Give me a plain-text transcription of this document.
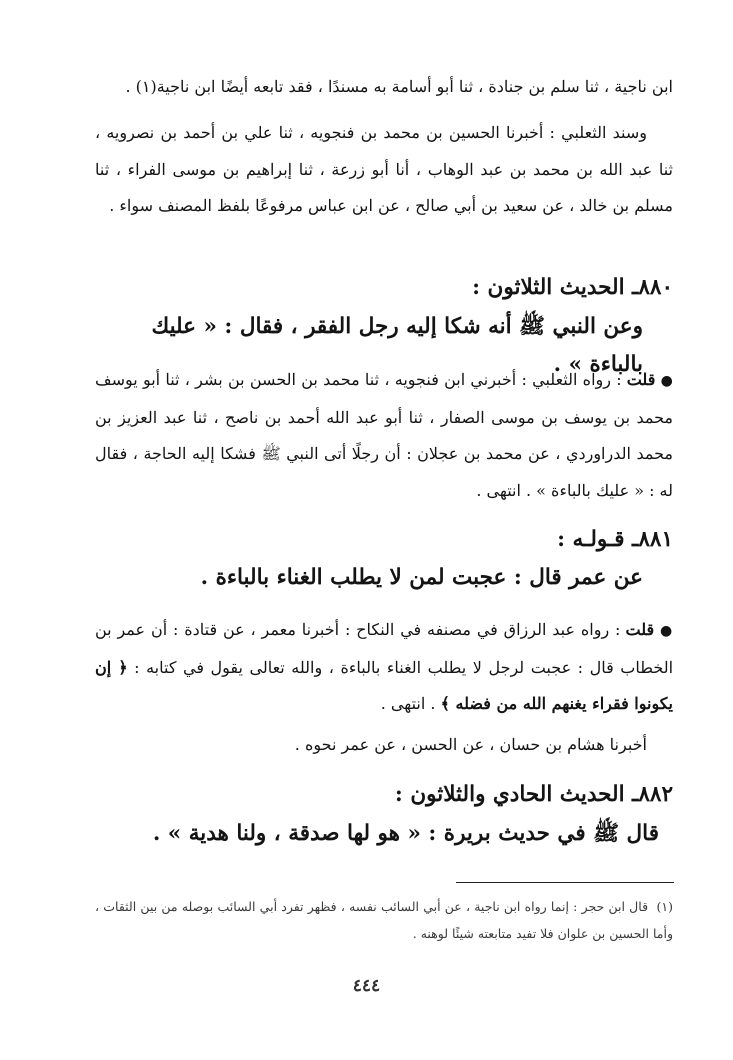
ابن ناجية ، ثنا سلم بن جنادة ، ثنا أبو أسامة به مسندًا ، فقد تابعه أيضًا ابن ناجية(١) .

وسند الثعلبي : أخبرنا الحسين بن محمد بن فنجويه ، ثنا علي بن أحمد بن نصرويه ، ثنا عبد الله بن محمد بن عبد الوهاب ، أنا أبو زرعة ، ثنا إبراهيم بن موسى الفراء ، ثنا مسلم بن خالد ، عن سعيد بن أبي صالح ، عن ابن عباس مرفوعًا بلفظ المصنف سواء .

٨٨٠ـ الحديث الثلاثون :

وعن النبي ﷺ أنه شكا إليه رجل الفقر ، فقال : « عليك بالباءة » .

● قلت : رواه الثعلبي : أخبرني ابن فنجويه ، ثنا محمد بن الحسن بن بشر ، ثنا أبو يوسف محمد بن يوسف بن موسى الصفار ، ثنا أبو عبد الله أحمد بن ناصح ، ثنا عبد العزيز بن محمد الدراوردي ، عن محمد بن عجلان : أن رجلًا أتى النبي ﷺ فشكا إليه الحاجة ، فقال له : « عليك بالباءة » . انتهى .

٨٨١ـ قـولـه :

عن عمر قال : عجبت لمن لا يطلب الغناء بالباءة .

● قلت : رواه عبد الرزاق في مصنفه في النكاح : أخبرنا معمر ، عن قتادة : أن عمر بن الخطاب قال : عجبت لرجل لا يطلب الغناء بالباءة ، والله تعالى يقول في كتابه : ﴿ إن يكونوا فقراء يغنهم الله من فضله ﴾ . انتهى .

أخبرنا هشام بن حسان ، عن الحسن ، عن عمر نحوه .

٨٨٢ـ الحديث الحادي والثلاثون :

قال ﷺ في حديث بريرة : « هو لها صدقة ، ولنا هدية » .

(١)  قال ابن حجر : إنما رواه ابن ناجية ، عن أبي السائب نفسه ، فظهر تفرد أبي السائب بوصله من بين الثقات ، وأما الحسين بن علوان فلا تفيد متابعته شيئًا لوهنه .

٤٤٤
